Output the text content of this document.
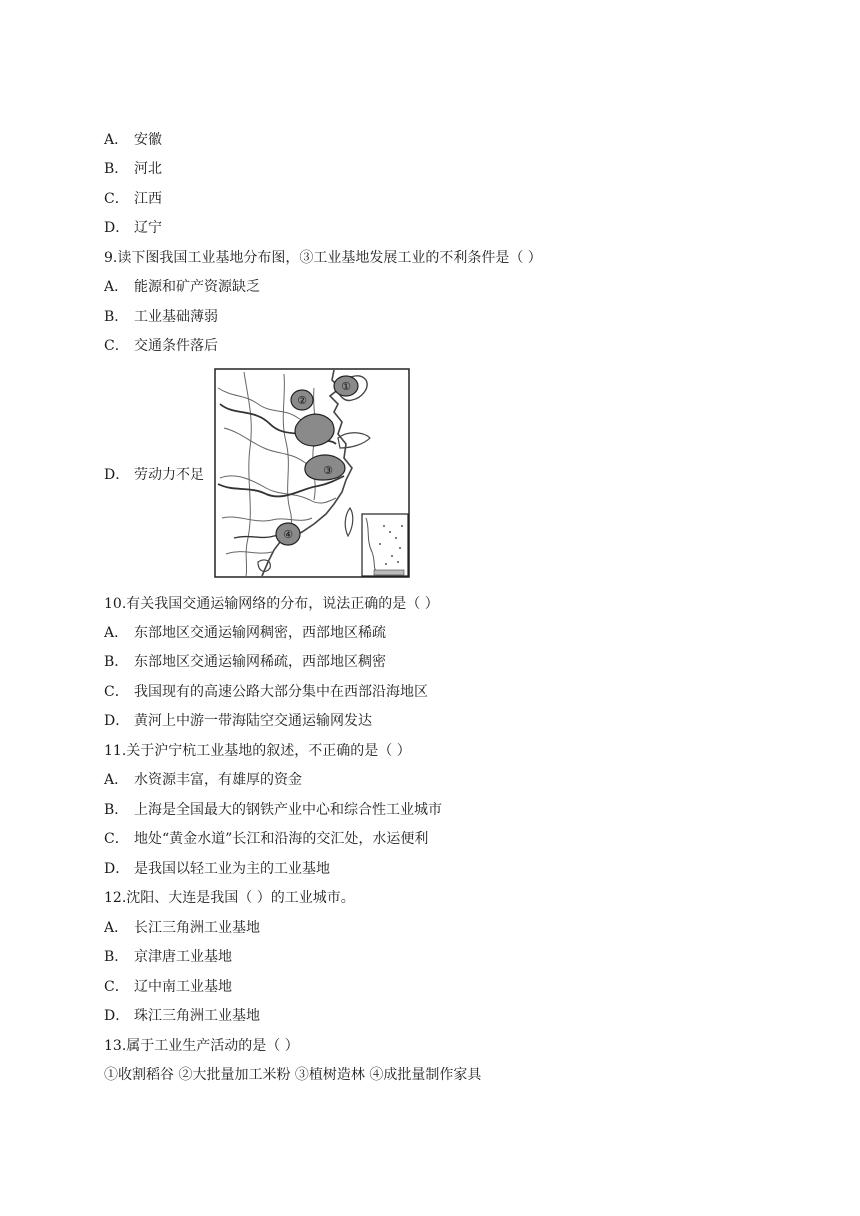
A． 安徽
B． 河北
C． 江西
D． 辽宁
9.读下图我国工业基地分布图，③工业基地发展工业的不利条件是（ ）
A． 能源和矿产资源缺乏
B． 工业基础薄弱
C． 交通条件落后
D． 劳动力不足
①
②
③
④
10.有关我国交通运输网络的分布，说法正确的是（ ）
A． 东部地区交通运输网稠密，西部地区稀疏
B． 东部地区交通运输网稀疏，西部地区稠密
C． 我国现有的高速公路大部分集中在西部沿海地区
D． 黄河上中游一带海陆空交通运输网发达
11.关于沪宁杭工业基地的叙述，不正确的是（ ）
A． 水资源丰富，有雄厚的资金
B． 上海是全国最大的钢铁产业中心和综合性工业城市
C． 地处“黄金水道”长江和沿海的交汇处，水运便利
D． 是我国以轻工业为主的工业基地
12.沈阳、大连是我国（ ）的工业城市。
A． 长江三角洲工业基地
B． 京津唐工业基地
C． 辽中南工业基地
D． 珠江三角洲工业基地
13.属于工业生产活动的是（ ）
①收割稻谷 ②大批量加工米粉 ③植树造林 ④成批量制作家具
